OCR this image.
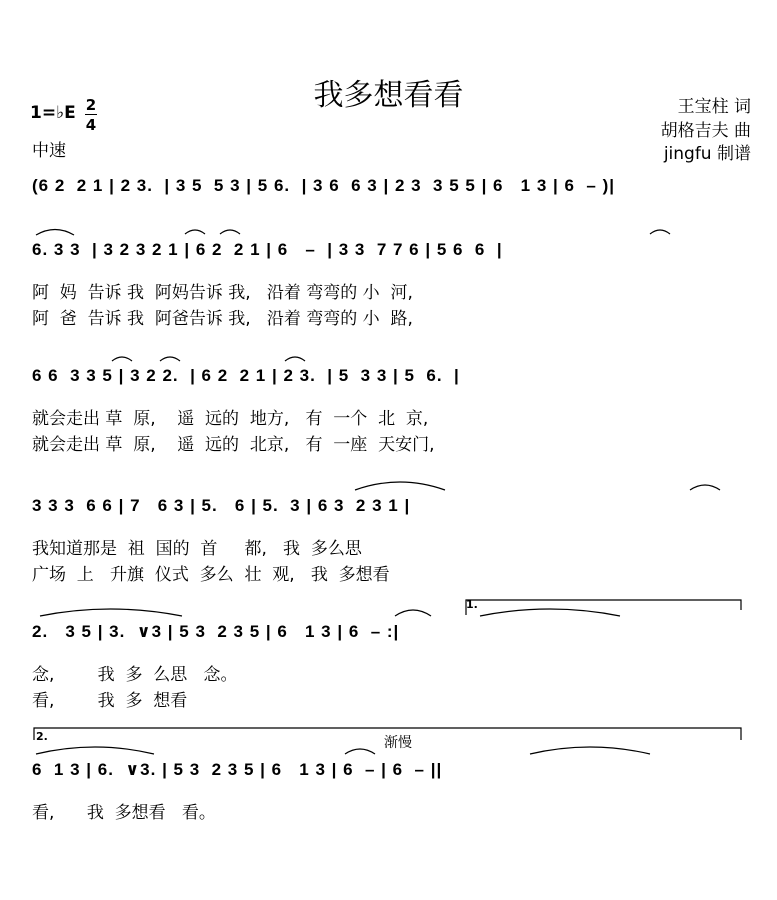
我多想看看
1=♭E 2
4
中速
王宝柱 词
胡格吉夫 曲
jingfu 制谱
(6 2  2 1 | 2 3.  | 3 5  5 3 | 5 6.  | 3 6  6 3 | 2 3  3 5 5 | 6   1 3 | 6  – )|
6. 3 3  | 3 2 3 2 1 | 6 2  2 1 | 6   –  | 3 3  7 7 6 | 5 6  6  |
阿  妈  告诉 我  阿妈告诉 我,   沿着 弯弯的 小  河,
阿  爸  告诉 我  阿爸告诉 我,   沿着 弯弯的 小  路,
6 6  3 3 5 | 3 2 2.  | 6 2  2 1 | 2 3.  | 5  3 3 | 5  6.  |
就会走出 草  原,    遥  远的  地方,   有  一个  北  京,
就会走出 草  原,    遥  远的  北京,   有  一座  天安门,
3 3 3  6 6 | 7   6 3 | 5.   6 | 5.  3 | 6 3  2 3 1 |
我知道那是  祖  国的  首     都,   我  多么思
广场  上   升旗  仪式  多么  壮  观,   我  多想看
2.   3 5 | 3.  ∨3 | 5 3  2 3 5 | 6   1 3 | 6  – :|
念,        我  多  么思   念。
看,        我  多  想看
6  1 3 | 6.  ∨3. | 5 3  2 3 5 | 6   1 3 | 6  – | 6  – ||
看,      我  多想看   看。
1.
2.	渐慢
